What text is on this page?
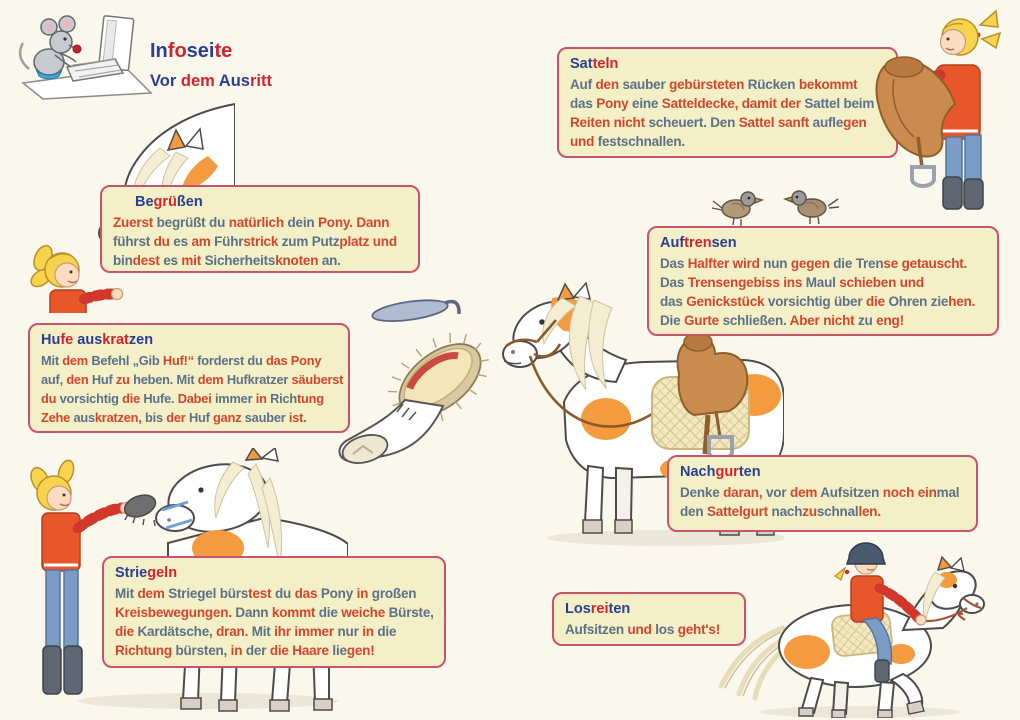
Infoseite
Vor dem Ausritt
Begrüßen
Zuerst begrüßt du natürlich dein Pony. Dann
führst du es am Führstrick zum Putzplatz und
bindest es mit Sicherheitsknoten an.
Hufe auskratzen
Mit dem Befehl „Gib Huf!“ forderst du das Pony
auf, den Huf zu heben. Mit dem Hufkratzer säuberst
du vorsichtig die Hufe. Dabei immer in Richtung
Zehe auskratzen, bis der Huf ganz sauber ist.
Striegeln
Mit dem Striegel bürstest du das Pony in großen
Kreisbewegungen. Dann kommt die weiche Bürste,
die Kardätsche, dran. Mit ihr immer nur in die
Richtung bürsten, in der die Haare liegen!
Satteln
Auf den sauber gebürsteten Rücken bekommt
das Pony eine Satteldecke, damit der Sattel beim
Reiten nicht scheuert. Den Sattel sanft auflegen
und festschnallen.
Auftrensen
Das Halfter wird nun gegen die Trense getauscht.
Das Trensengebiss ins Maul schieben und
das Genickstück vorsichtig über die Ohren ziehen.
Die Gurte schließen. Aber nicht zu eng!
Nachgurten
Denke daran, vor dem Aufsitzen noch einmal
den Sattelgurt nachzuschnallen.
Losreiten
Aufsitzen und los geht's!
